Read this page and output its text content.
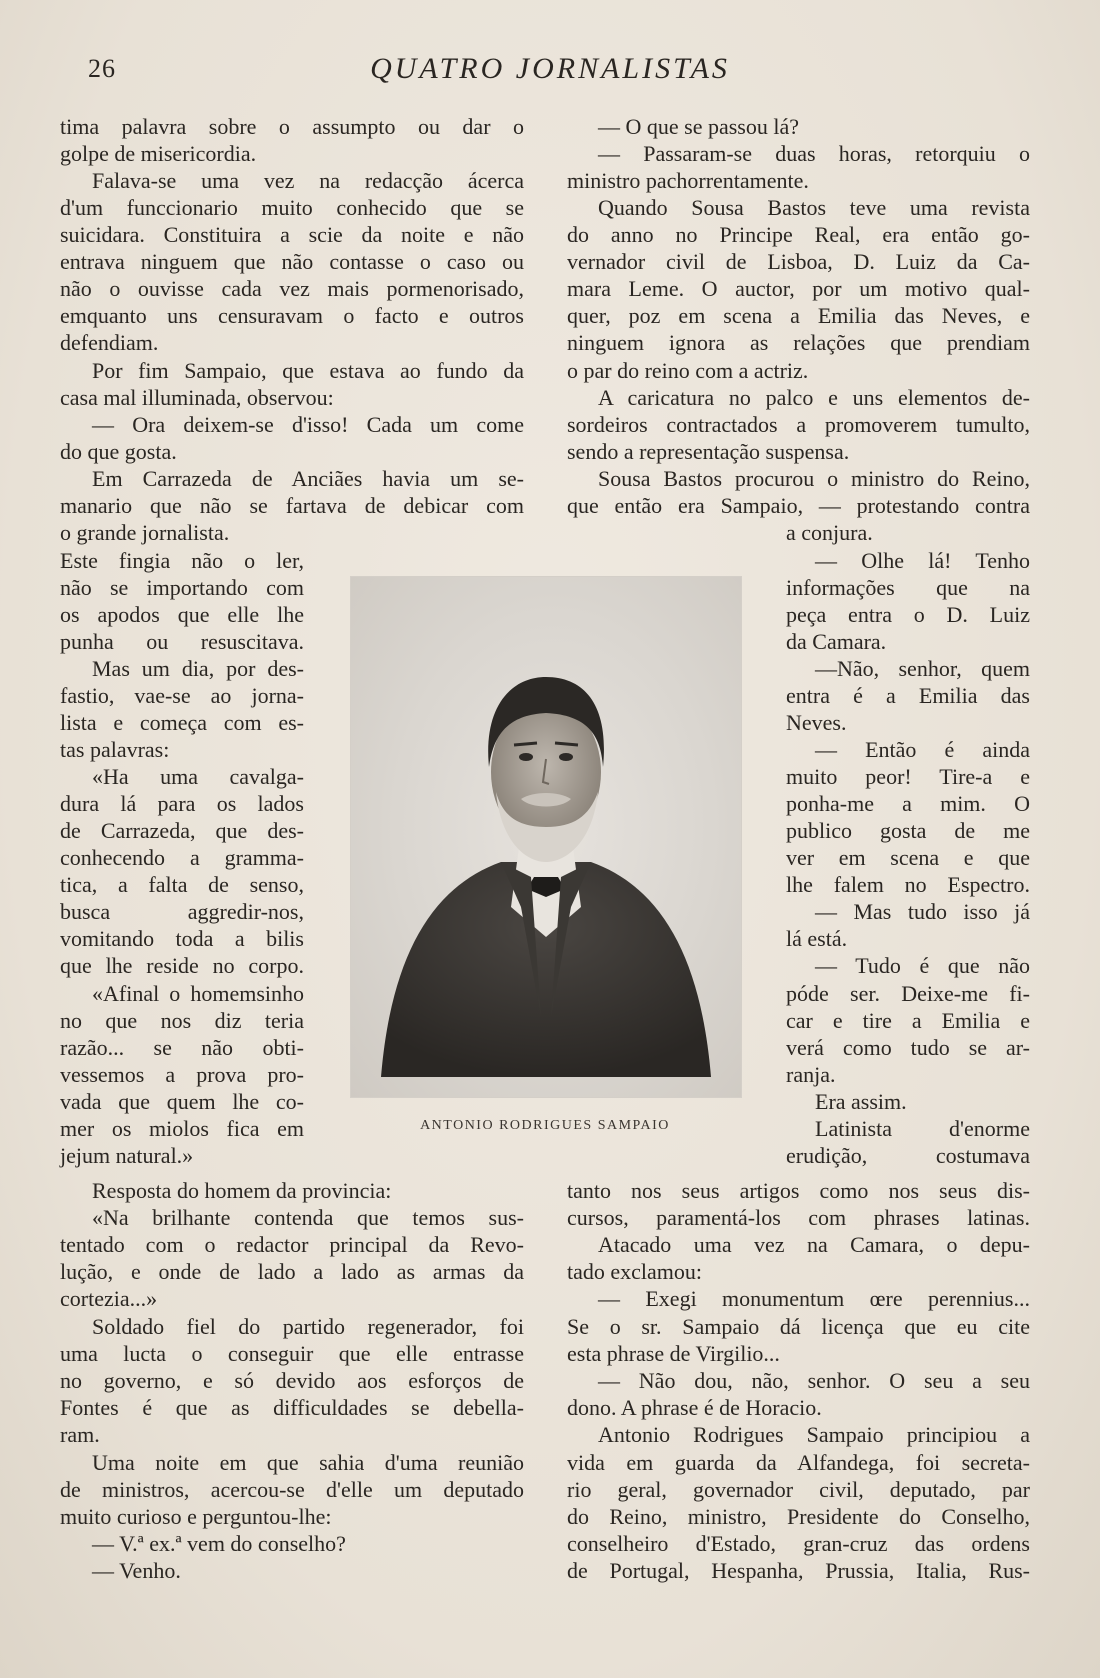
26	QUATRO JORNALISTAS
tima palavra sobre o assumpto ou dar o
golpe de misericordia.
Falava-se uma vez na redacção ácerca
d'um funccionario muito conhecido que se
suicidara. Constituira a scie da noite e não
entrava ninguem que não contasse o caso ou
não o ouvisse cada vez mais pormenorisado,
emquanto uns censuravam o facto e outros
defendiam.
Por fim Sampaio, que estava ao fundo da
casa mal illuminada, observou:
— Ora deixem-se d'isso! Cada um come
do que gosta.
Em Carrazeda de Anciães havia um se-
manario que não se fartava de debicar com
o grande jornalista.
Este fingia não o ler,
não se importando com
os apodos que elle lhe
punha ou resuscitava.
Mas um dia, por des-
fastio, vae-se ao jorna-
lista e começa com es-
tas palavras:
«Ha uma cavalga-
dura lá para os lados
de Carrazeda, que des-
conhecendo a gramma-
tica, a falta de senso,
busca aggredir-nos,
vomitando toda a bilis
que lhe reside no corpo.
«Afinal o homemsinho
no que nos diz teria
razão... se não obti-
vessemos a prova pro-
vada que quem lhe co-
mer os miolos fica em
jejum natural.»
Resposta do homem da provincia:
«Na brilhante contenda que temos sus-
tentado com o redactor principal da Revo-
lução, e onde de lado a lado as armas da
cortezia...»
Soldado fiel do partido regenerador, foi
uma lucta o conseguir que elle entrasse
no governo, e só devido aos esforços de
Fontes é que as difficuldades se debella-
ram.
Uma noite em que sahia d'uma reunião
de ministros, acercou-se d'elle um deputado
muito curioso e perguntou-lhe:
— V.ª ex.ª vem do conselho?
— Venho.
— O que se passou lá?
— Passaram-se duas horas, retorquiu o
ministro pachorrentamente.
Quando Sousa Bastos teve uma revista
do anno no Principe Real, era então go-
vernador civil de Lisboa, D. Luiz da Ca-
mara Leme. O auctor, por um motivo qual-
quer, poz em scena a Emilia das Neves, e
ninguem ignora as relações que prendiam
o par do reino com a actriz.
A caricatura no palco e uns elementos de-
sordeiros contractados a promoverem tumulto,
sendo a representação suspensa.
Sousa Bastos procurou o ministro do Reino,
que então era Sampaio, — protestando contra
a conjura.
— Olhe lá! Tenho
informações que na
peça entra o D. Luiz
da Camara.
—Não, senhor, quem
entra é a Emilia das
Neves.
— Então é ainda
muito peor! Tire-a e
ponha-me a mim. O
publico gosta de me
ver em scena e que
lhe falem no Espectro.
— Mas tudo isso já
lá está.
— Tudo é que não
póde ser. Deixe-me fi-
car e tire a Emilia e
verá como tudo se ar-
ranja.
Era assim.
Latinista d'enorme
erudição, costumava
tanto nos seus artigos como nos seus dis-
cursos, paramentá-los com phrases latinas.
Atacado uma vez na Camara, o depu-
tado exclamou:
— Exegi monumentum œre perennius...
Se o sr. Sampaio dá licença que eu cite
esta phrase de Virgilio...
— Não dou, não, senhor. O seu a seu
dono. A phrase é de Horacio.
Antonio Rodrigues Sampaio principiou a
vida em guarda da Alfandega, foi secreta-
rio geral, governador civil, deputado, par
do Reino, ministro, Presidente do Conselho,
conselheiro d'Estado, gran-cruz das ordens
de Portugal, Hespanha, Prussia, Italia, Rus-
ANTONIO RODRIGUES SAMPAIO
